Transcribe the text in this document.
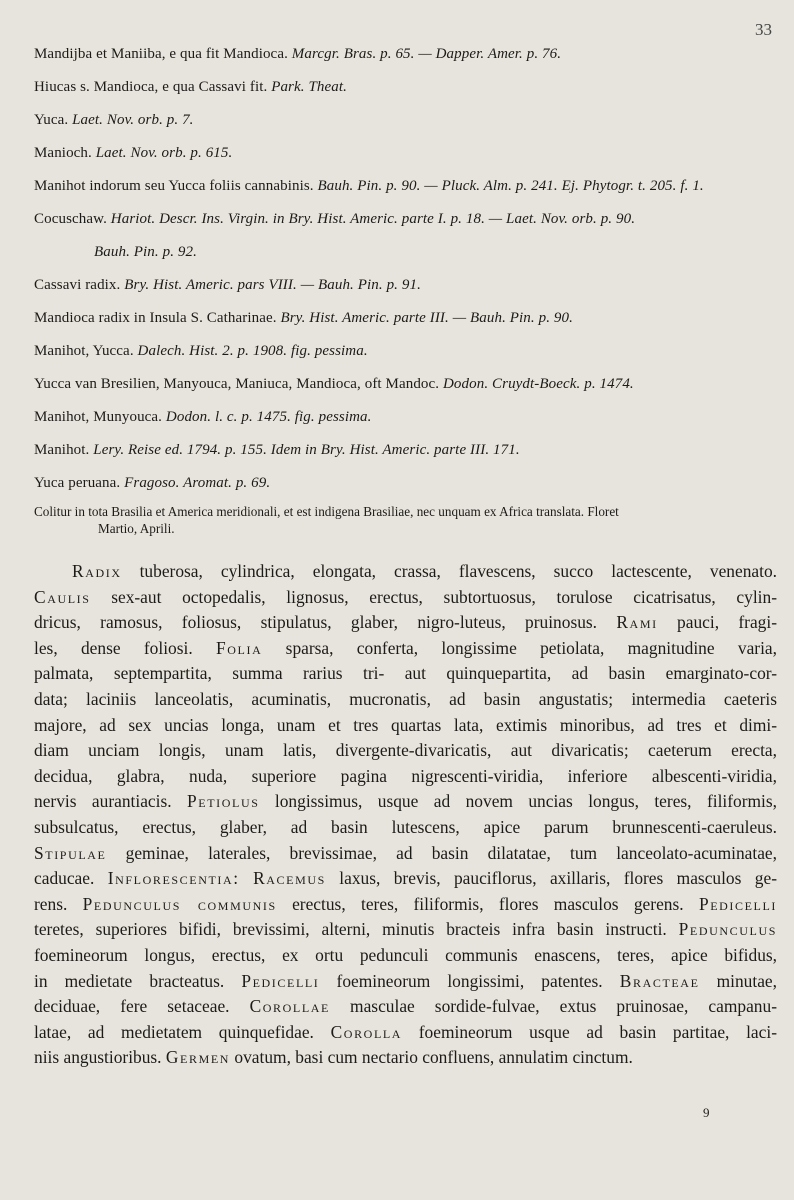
33
Mandijba et Maniiba, e qua fit Mandioca. Marcgr. Bras. p. 65. — Dapper. Amer. p. 76.
Hiucas s. Mandioca, e qua Cassavi fit. Park. Theat.
Yuca. Laet. Nov. orb. p. 7.
Manioch. Laet. Nov. orb. p. 615.
Manihot indorum seu Yucca foliis cannabinis. Bauh. Pin. p. 90. — Pluck. Alm. p. 241. Ej. Phytogr. t. 205. f. 1.
Cocuschaw. Hariot. Descr. Ins. Virgin. in Bry. Hist. Americ. parte I. p. 18. — Laet. Nov. orb. p. 90.
Bauh. Pin. p. 92.
Cassavi radix. Bry. Hist. Americ. pars VIII. — Bauh. Pin. p. 91.
Mandioca radix in Insula S. Catharinae. Bry. Hist. Americ. parte III. — Bauh. Pin. p. 90.
Manihot, Yucca. Dalech. Hist. 2. p. 1908. fig. pessima.
Yucca van Bresilien, Manyouca, Maniuca, Mandioca, oft Mandoc. Dodon. Cruydt-Boeck. p. 1474.
Manihot, Munyouca. Dodon. l. c. p. 1475. fig. pessima.
Manihot. Lery. Reise ed. 1794. p. 155. Idem in Bry. Hist. Americ. parte III. 171.
Yuca peruana. Fragoso. Aromat. p. 69.
Colitur in tota Brasilia et America meridionali, et est indigena Brasiliae, nec unquam ex Africa translata. Floret
Martio, Aprili.
Radix tuberosa, cylindrica, elongata, crassa, flavescens, succo lactescente, venenato.
Caulis sex-aut octopedalis, lignosus, erectus, subtortuosus, torulose cicatrisatus, cylin-
dricus, ramosus, foliosus, stipulatus, glaber, nigro-luteus, pruinosus. Rami pauci, fragi-
les, dense foliosi. Folia sparsa, conferta, longissime petiolata, magnitudine varia,
palmata, septempartita, summa rarius tri- aut quinquepartita, ad basin emarginato-cor-
data; laciniis lanceolatis, acuminatis, mucronatis, ad basin angustatis; intermedia caeteris
majore, ad sex uncias longa, unam et tres quartas lata, extimis minoribus, ad tres et dimi-
diam unciam longis, unam latis, divergente-divaricatis, aut divaricatis; caeterum erecta,
decidua, glabra, nuda, superiore pagina nigrescenti-viridia, inferiore albescenti-viridia,
nervis aurantiacis. Petiolus longissimus, usque ad novem uncias longus, teres, filiformis,
subsulcatus, erectus, glaber, ad basin lutescens, apice parum brunnescenti-caeruleus.
Stipulae geminae, laterales, brevissimae, ad basin dilatatae, tum lanceolato-acuminatae,
caducae. Inflorescentia: Racemus laxus, brevis, pauciflorus, axillaris, flores masculos ge-
rens. Pedunculus communis erectus, teres, filiformis, flores masculos gerens. Pedicelli
teretes, superiores bifidi, brevissimi, alterni, minutis bracteis infra basin instructi. Pedunculus
foemineorum longus, erectus, ex ortu pedunculi communis enascens, teres, apice bifidus,
in medietate bracteatus. Pedicelli foemineorum longissimi, patentes. Bracteae minutae,
deciduae, fere setaceae. Corollae masculae sordide-fulvae, extus pruinosae, campanu-
latae, ad medietatem quinquefidae. Corolla foemineorum usque ad basin partitae, laci-
niis angustioribus. Germen ovatum, basi cum nectario confluens, annulatim cinctum.
9
